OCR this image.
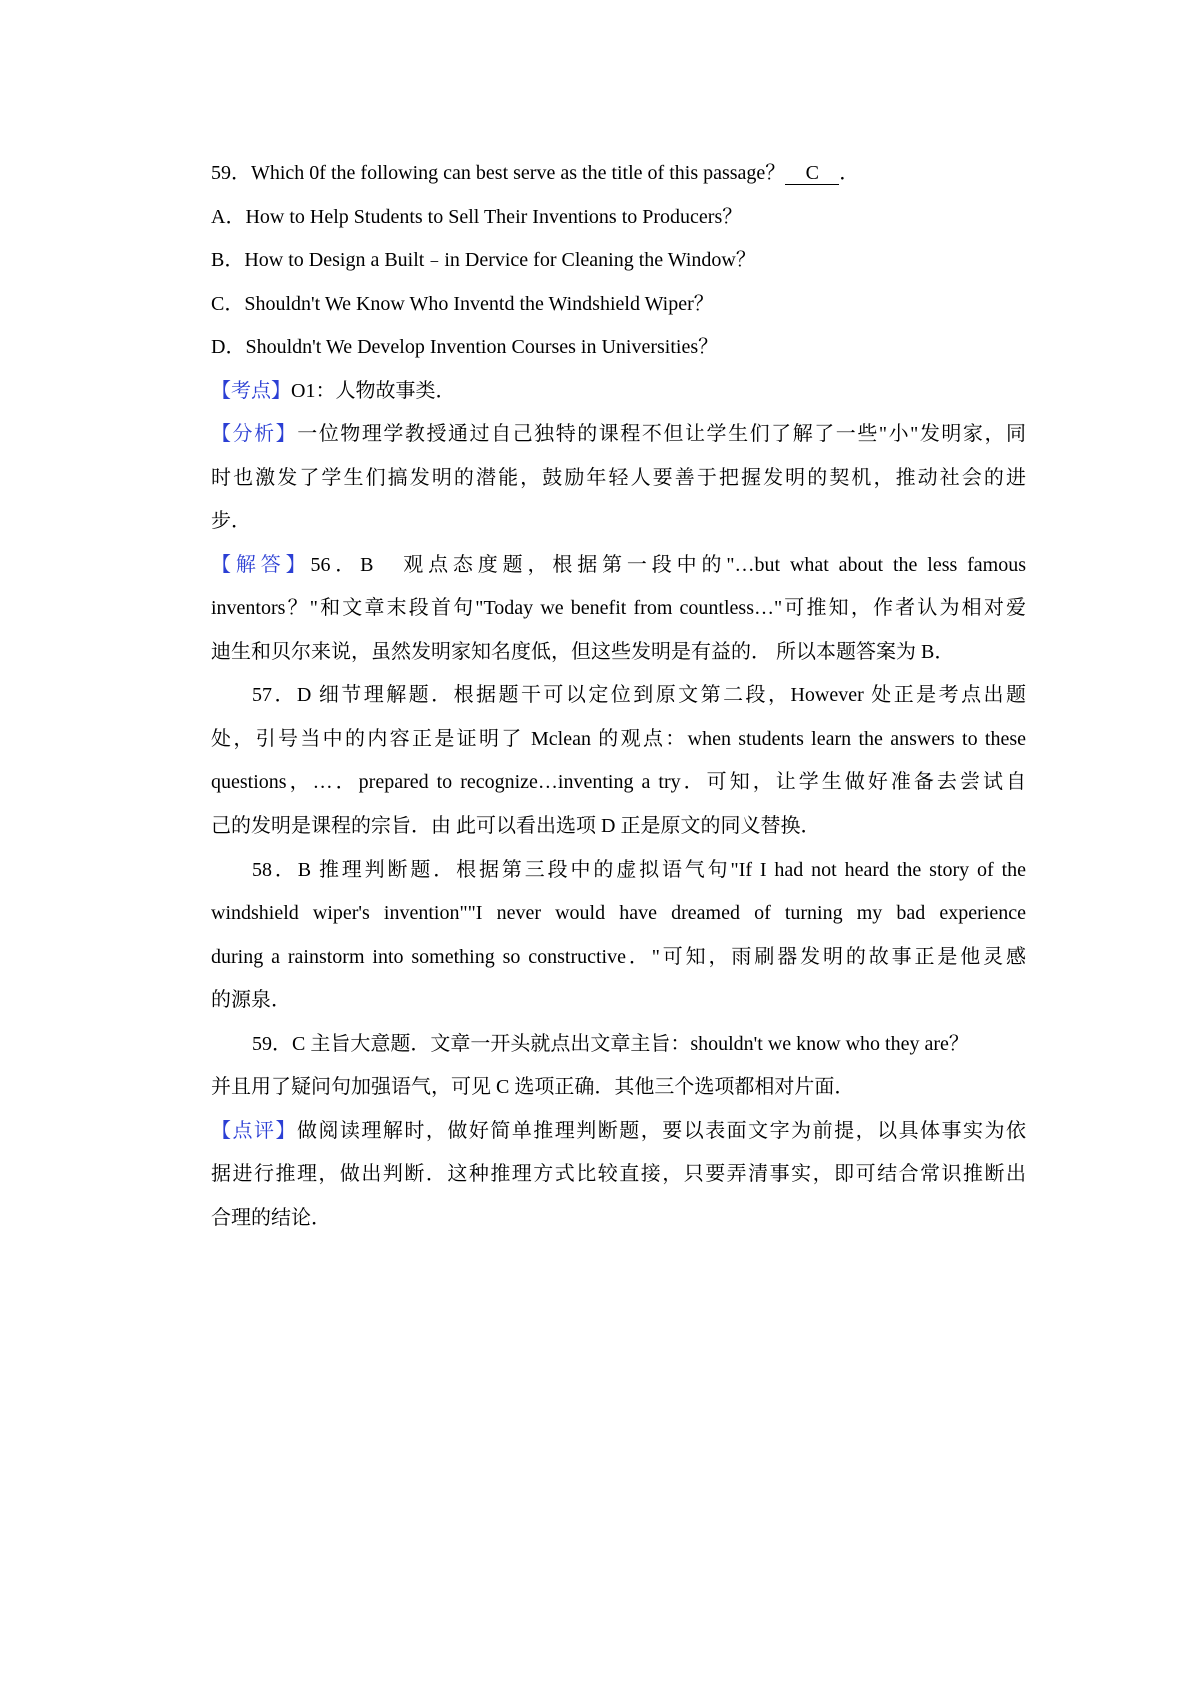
59．Which 0f the following can best serve as the title of this passage？ C ．
A．How to Help Students to Sell Their Inventions to Producers？
B．How to Design a Built﹣in Dervice for Cleaning the Window？
C．Shouldn't We Know Who Inventd the Windshield Wiper？
D．Shouldn't We Develop Invention Courses in Universities？
【考点】O1：人物故事类．
【分析】一位物理学教授通过自己独特的课程不但让学生们了解了一些"小"发明家，同
时也激发了学生们搞发明的潜能，鼓励年轻人要善于把握发明的契机，推动社会的进
步．
【解答】56．B　观点态度题，根据第一段中的"…but what about the less famous
inventors？"和文章末段首句"Today we benefit from countless…"可推知，作者认为相对爱
迪生和贝尔来说，虽然发明家知名度低，但这些发明是有益的． 所以本题答案为 B．
57．D 细节理解题．根据题干可以定位到原文第二段，However 处正是考点出题
处，引号当中的内容正是证明了 Mclean 的观点：when students learn the answers to these
questions，…．prepared to recognize…inventing a try．可知，让学生做好准备去尝试自
己的发明是课程的宗旨．由 此可以看出选项 D 正是原文的同义替换．
58．B 推理判断题．根据第三段中的虚拟语气句"If I had not heard the story of the
windshield wiper's invention""I never would have dreamed of turning my bad experience
during a rainstorm into something so constructive．"可知，雨刷器发明的故事正是他灵感
的源泉．
59．C 主旨大意题．文章一开头就点出文章主旨：shouldn't we know who they are？
并且用了疑问句加强语气，可见 C 选项正确．其他三个选项都相对片面．
【点评】做阅读理解时，做好简单推理判断题，要以表面文字为前提，以具体事实为依
据进行推理，做出判断．这种推理方式比较直接，只要弄清事实，即可结合常识推断出
合理的结论．
